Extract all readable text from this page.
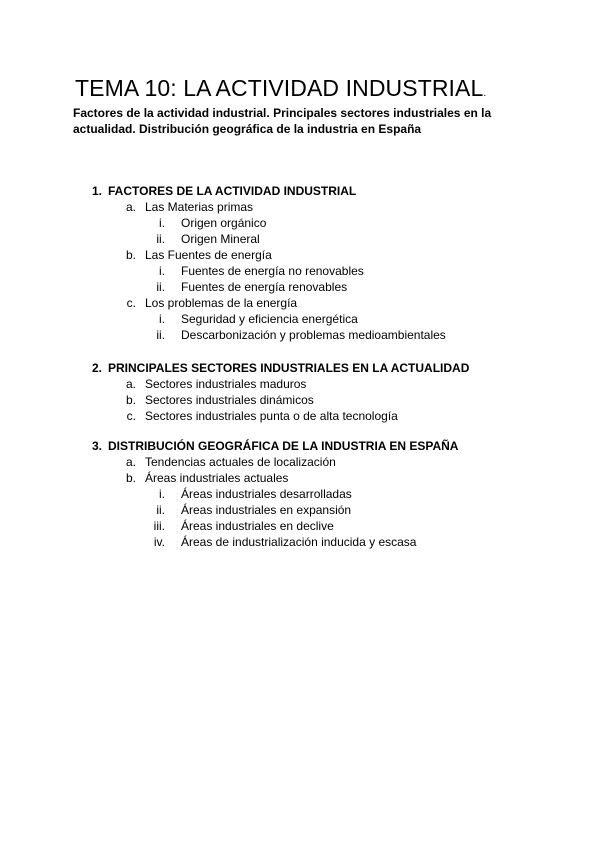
TEMA 10: LA ACTIVIDAD INDUSTRIAL.
Factores de la actividad industrial. Principales sectores industriales en la actualidad. Distribución geográfica de la industria en España
1. FACTORES DE LA ACTIVIDAD INDUSTRIAL
a. Las Materias primas
i. Origen orgánico
ii. Origen Mineral
b. Las Fuentes de energía
i. Fuentes de energía no renovables
ii. Fuentes de energía renovables
c. Los problemas de la energía
i. Seguridad y eficiencia energética
ii. Descarbonización y problemas medioambientales
2. PRINCIPALES SECTORES INDUSTRIALES EN LA ACTUALIDAD
a. Sectores industriales maduros
b. Sectores industriales dinámicos
c. Sectores industriales punta o de alta tecnología
3. DISTRIBUCIÓN GEOGRÁFICA DE LA INDUSTRIA EN ESPAÑA
a. Tendencias actuales de localización
b. Áreas industriales actuales
i. Áreas industriales desarrolladas
ii. Áreas industriales en expansión
iii. Áreas industriales en declive
iv. Áreas de industrialización inducida y escasa
